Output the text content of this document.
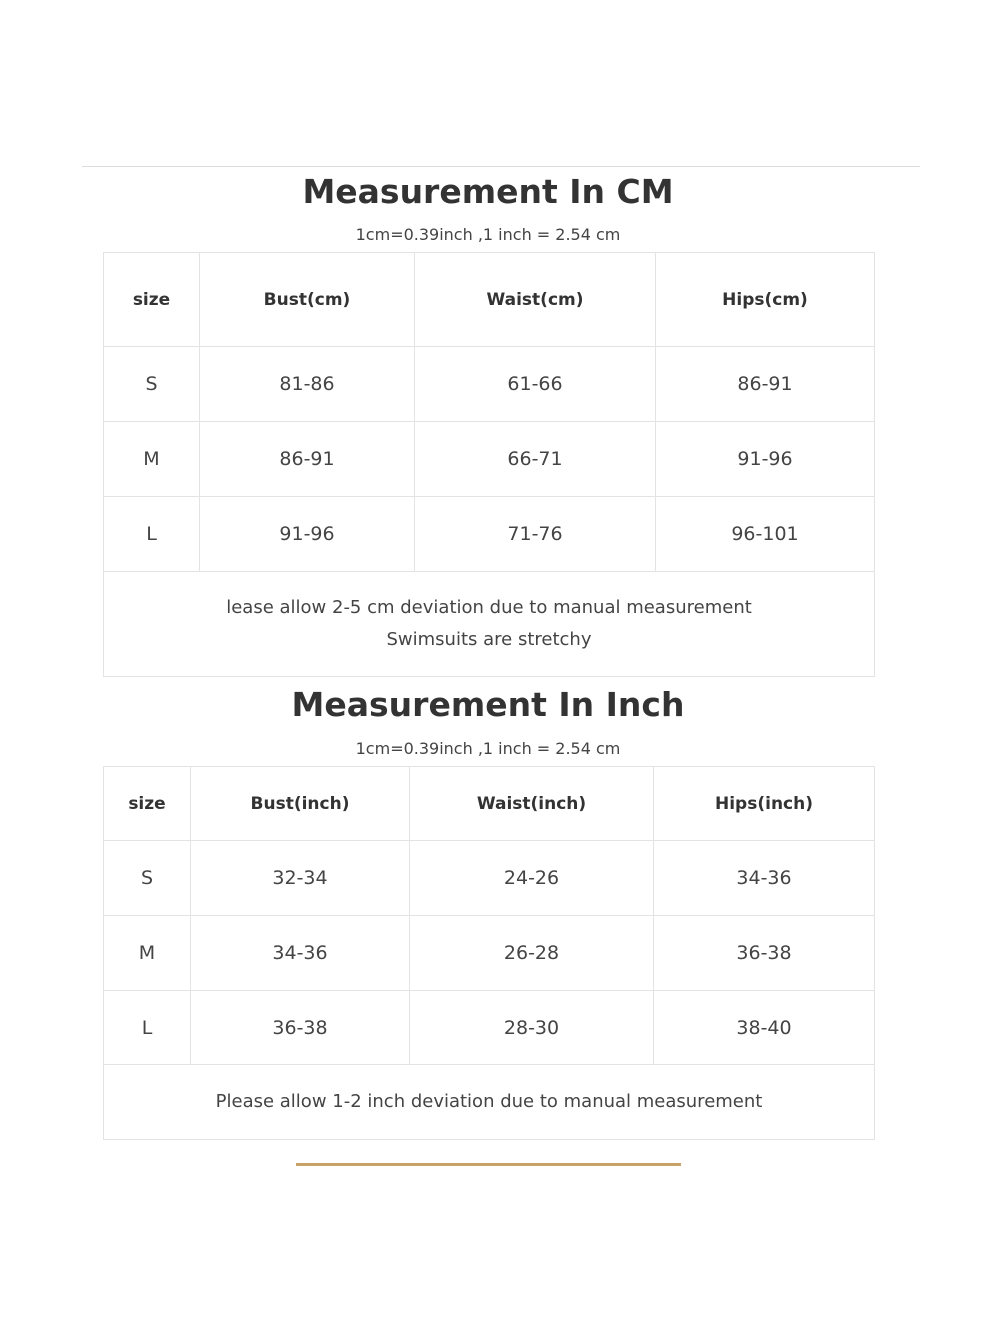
Measurement In CM
1cm=0.39inch ,1 inch = 2.54 cm
size	Bust(cm)	Waist(cm)	Hips(cm)
S	81-86	61-66	86-91
M	86-91	66-71	91-96
L	91-96	71-76	96-101

lease allow 2-5 cm deviation due to manual measurement
Swimsuits are stretchy			
Measurement In Inch
1cm=0.39inch ,1 inch = 2.54 cm
size	Bust(inch)	Waist(inch)	Hips(inch)
S	32-34	24-26	34-36
M	34-36	26-28	36-38
L	36-38	28-30	38-40

Please allow 1-2 inch deviation due to manual measurement			
